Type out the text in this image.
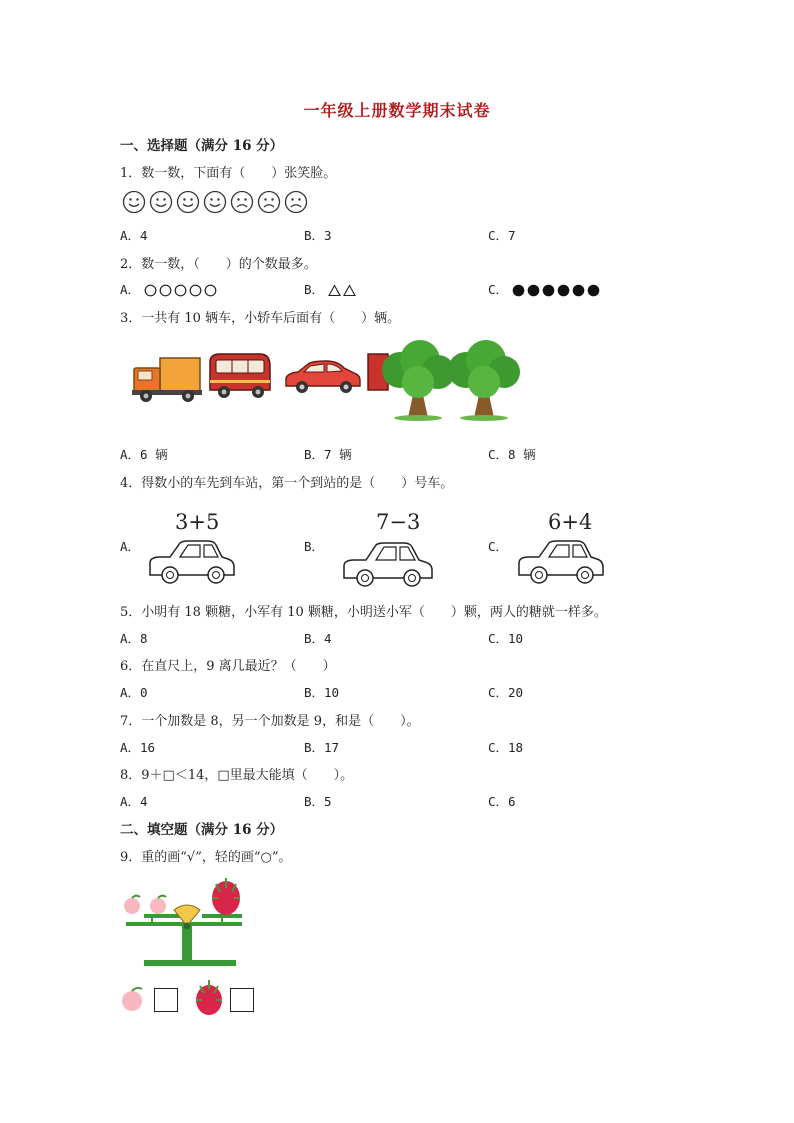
一年级上册数学期末试卷
一、选择题（满分 16 分）
1．数一数，下面有（　　）张笑脸。
A．4	B．3	C．7
2．数一数，（　　）的个数最多。
A．	B．	C．
3．一共有 10 辆车，小轿车后面有（　　）辆。
A．6 辆	B．7 辆	C．8 辆
4．得数小的车先到车站，第一个到站的是（　　）号车。
A．
3+5
B．
7−3
C．
6+4
5．小明有 18 颗糖，小军有 10 颗糖，小明送小军（　　）颗，两人的糖就一样多。
A．8	B．4	C．10
6．在直尺上，9 离几最近？（　　）
A．0	B．10	C．20
7．一个加数是 8，另一个加数是 9，和是（　　）。
A．16	B．17	C．18
8．9＋□＜14，□里最大能填（　　）。
A．4	B．5	C．6
二、填空题（满分 16 分）
9．重的画“√”，轻的画“○”。
